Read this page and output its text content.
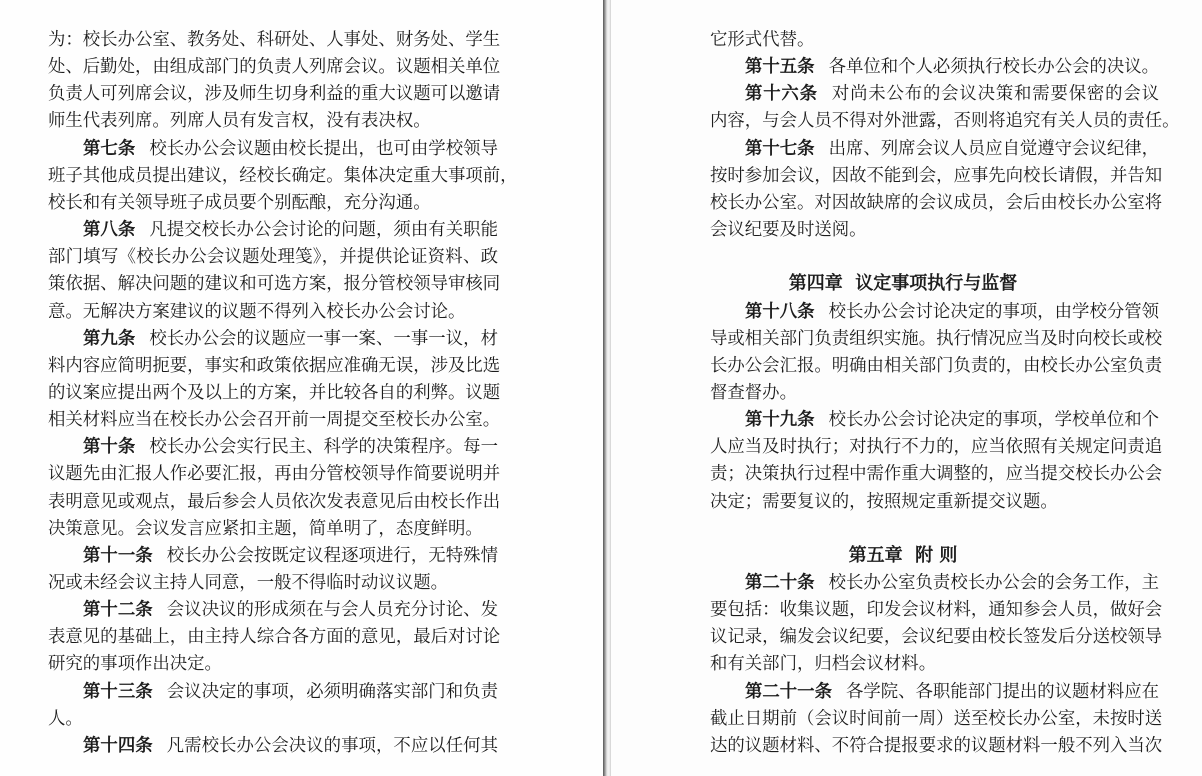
为：校长办公室、教务处、科研处、人事处、财务处、学生
处、后勤处，由组成部门的负责人列席会议。议题相关单位
负责人可列席会议，涉及师生切身利益的重大议题可以邀请
师生代表列席。列席人员有发言权，没有表决权。
第七条 校长办公会议题由校长提出，也可由学校领导
班子其他成员提出建议，经校长确定。集体决定重大事项前，
校长和有关领导班子成员要个别酝酿，充分沟通。
第八条 凡提交校长办公会讨论的问题，须由有关职能
部门填写《校长办公会议题处理笺》，并提供论证资料、政
策依据、解决问题的建议和可选方案，报分管校领导审核同
意。无解决方案建议的议题不得列入校长办公会讨论。
第九条 校长办公会的议题应一事一案、一事一议，材
料内容应简明扼要，事实和政策依据应准确无误，涉及比选
的议案应提出两个及以上的方案，并比较各自的利弊。议题
相关材料应当在校长办公会召开前一周提交至校长办公室。
第十条 校长办公会实行民主、科学的决策程序。每一
议题先由汇报人作必要汇报，再由分管校领导作简要说明并
表明意见或观点，最后参会人员依次发表意见后由校长作出
决策意见。会议发言应紧扣主题，简单明了，态度鲜明。
第十一条 校长办公会按既定议程逐项进行，无特殊情
况或未经会议主持人同意，一般不得临时动议议题。
第十二条 会议决议的形成须在与会人员充分讨论、发
表意见的基础上，由主持人综合各方面的意见，最后对讨论
研究的事项作出决定。
第十三条 会议决定的事项，必须明确落实部门和负责
人。
第十四条 凡需校长办公会决议的事项，不应以任何其
它形式代替。
第十五条 各单位和个人必须执行校长办公会的决议。
第十六条 对尚未公布的会议决策和需要保密的会议
内容，与会人员不得对外泄露，否则将追究有关人员的责任。
第十七条 出席、列席会议人员应自觉遵守会议纪律，
按时参加会议，因故不能到会，应事先向校长请假，并告知
校长办公室。对因故缺席的会议成员，会后由校长办公室将
会议纪要及时送阅。
第四章  议定事项执行与监督
第十八条 校长办公会讨论决定的事项，由学校分管领
导或相关部门负责组织实施。执行情况应当及时向校长或校
长办公会汇报。明确由相关部门负责的，由校长办公室负责
督查督办。
第十九条 校长办公会讨论决定的事项，学校单位和个
人应当及时执行；对执行不力的，应当依照有关规定问责追
责；决策执行过程中需作重大调整的，应当提交校长办公会
决定；需要复议的，按照规定重新提交议题。
第五章  附 则
第二十条 校长办公室负责校长办公会的会务工作，主
要包括：收集议题，印发会议材料，通知参会人员，做好会
议记录，编发会议纪要，会议纪要由校长签发后分送校领导
和有关部门，归档会议材料。
第二十一条 各学院、各职能部门提出的议题材料应在
截止日期前（会议时间前一周）送至校长办公室，未按时送
达的议题材料、不符合提报要求的议题材料一般不列入当次
